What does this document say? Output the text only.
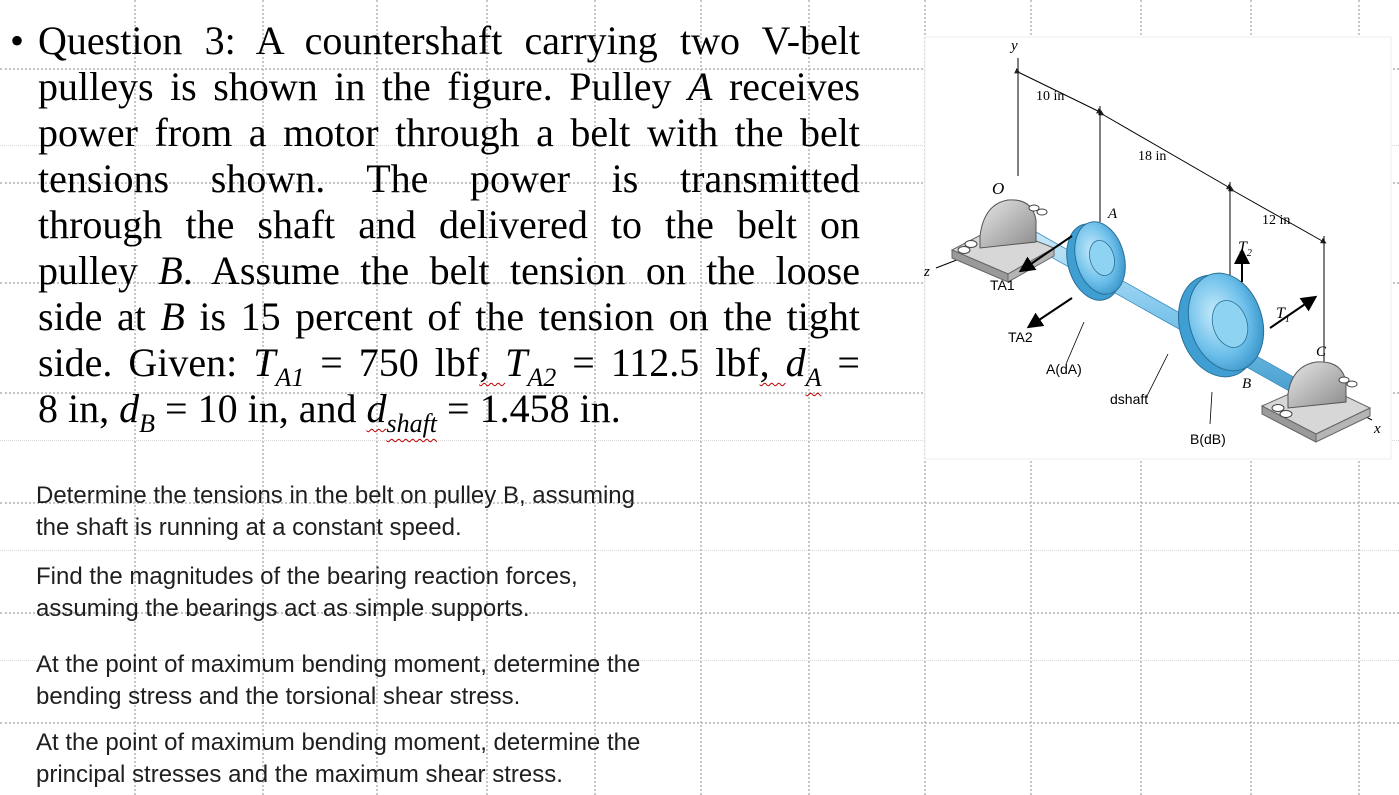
• Question 3: A countershaft carrying two V-belt
pulleys is shown in the figure. Pulley A receives
power from a motor through a belt with the belt
tensions shown. The power is transmitted
through the shaft and delivered to the belt on
pulley B. Assume the belt tension on the loose
side at B is 15 percent of the tension on the tight
side. Given: $T_{A1} = 750$ lbf, $T_{A2} = 112.5$ lbf, $d_A$ =
8 in, $d_B = 10$ in, and $d_{shaft} = 1.458$ in.
Determine the tensions in the belt on pulley B, assuming
the shaft is running at a constant speed.
Find the magnitudes of the bearing reaction forces,
assuming the bearings act as simple supports.
At the point of maximum bending moment, determine the
bending stress and the torsional shear stress.
At the point of maximum bending moment, determine the
principal stresses and the maximum shear stress.
y
z
x
O
10 in
18 in
12 in
A
B
$T_2$
$T_1$
C
TA1
TA2
A(dA)
dshaft
B(dB)
